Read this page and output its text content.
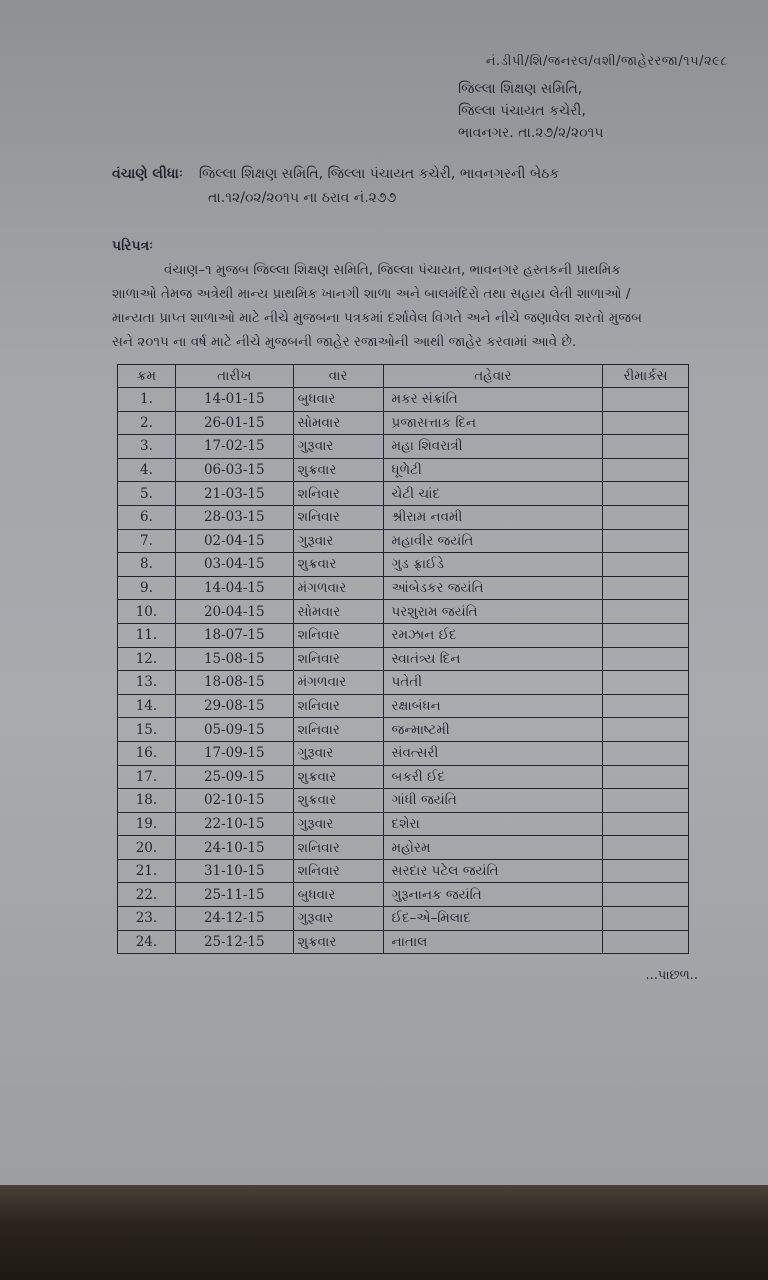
નં.ડીપી/શિ/જનરલ/વશી/જાહેરરજા/૧૫/૨૯૮
જિલ્લા શિક્ષણ સમિતિ,
જિલ્લા પંચાયત કચેરી,
ભાવનગર. તા.૨૭/૨/૨૦૧૫
વંચાણે લીધાઃ જિલ્લા શિક્ષણ સમિતિ, જિલ્લા પંચાયત કચેરી, ભાવનગરની બેઠક
તા.૧૨/૦૨/૨૦૧૫ ના ઠરાવ નં.૨૭૭
પરિપત્રઃ
વંચાણ–૧ મુજબ જિલ્લા શિક્ષણ સમિતિ, જિલ્લા પંચાયત, ભાવનગર હસ્તકની પ્રાથમિક
શાળાઓ તેમજ અત્રેથી માન્ય પ્રાથમિક ખાનગી શાળા અને બાલમંદિરો તથા સહાય લેતી શાળાઓ /
માન્યતા પ્રાપ્ત શાળાઓ માટે નીચે મુજબના પત્રકમાં દર્શાવેલ વિગતે અને નીચે જણાવેલ શરતો મુજબ
સને ૨૦૧૫ ના વર્ષ માટે નીચે મુજબની જાહેર રજાઓની આથી જાહેર કરવામાં આવે છે.
ક્રમ	તારીખ	વાર	તહેવાર	રીમાર્કસ
1.	14-01-15	બુધવાર	મકર સંક્રાંતિ	
2.	26-01-15	સોમવાર	પ્રજાસત્તાક દિન	
3.	17-02-15	ગુરૂવાર	મહા શિવરાત્રી	
4.	06-03-15	શુક્રવાર	ધૂળેટી	
5.	21-03-15	શનિવાર	ચેટી ચાંદ	
6.	28-03-15	શનિવાર	શ્રીરામ નવમી	
7.	02-04-15	ગુરૂવાર	મહાવીર જયંતિ	
8.	03-04-15	શુક્રવાર	ગુડ ફ્રાઈડે	
9.	14-04-15	મંગળવાર	આંબેડકર જયંતિ	
10.	20-04-15	સોમવાર	પરશુરામ જયંતિ	
11.	18-07-15	શનિવાર	રમઝાન ઈદ	
12.	15-08-15	શનિવાર	સ્વાતંત્ર્ય દિન	
13.	18-08-15	મંગળવાર	પતેતી	
14.	29-08-15	શનિવાર	રક્ષાબંધન	
15.	05-09-15	શનિવાર	જન્માષ્ટમી	
16.	17-09-15	ગુરૂવાર	સંવત્સરી	
17.	25-09-15	શુક્રવાર	બકરી ઈદ	
18.	02-10-15	શુક્રવાર	ગાંધી જયંતિ	
19.	22-10-15	ગુરૂવાર	દશેરા	
20.	24-10-15	શનિવાર	મહોરમ	
21.	31-10-15	શનિવાર	સરદાર પટેલ જયંતિ	
22.	25-11-15	બુધવાર	ગુરૂનાનક જયંતિ	
23.	24-12-15	ગુરૂવાર	ઈદ–એ–મિલાદ	
24.	25-12-15	શુક્રવાર	નાતાલ	
...પાછળ..
